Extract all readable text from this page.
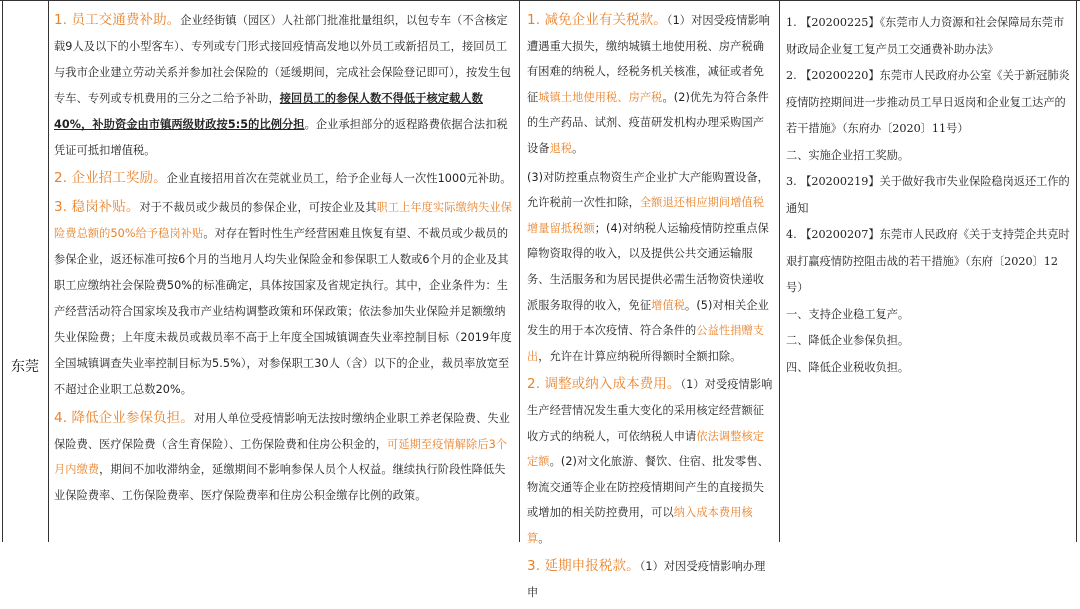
东莞

1. 员工交通费补助。企业经街镇（园区）人社部门批准批量组织，以包专车（不含核定载9人及以下的小型客车）、专列或专门形式接回疫情高发地以外员工或新招员工，接回员工与我市企业建立劳动关系并参加社会保险的（延缓期间，完成社会保险登记即可），按发生包专车、专列或专机费用的三分之二给予补助，接回员工的参保人数不得低于核定载人数40%，补助资金由市镇两级财政按5:5的比例分担。企业承担部分的返程路费依据合法扣税凭证可抵扣增值税。

2. 企业招工奖励。企业直接招用首次在莞就业员工，给予企业每人一次性1000元补助。

3. 稳岗补贴。对于不裁员或少裁员的参保企业，可按企业及其职工上年度实际缴纳失业保险费总额的50%给予稳岗补贴。对存在暂时性生产经营困难且恢复有望、不裁员或少裁员的参保企业，返还标准可按6个月的当地月人均失业保险金和参保职工人数或6个月的企业及其职工应缴纳社会保险费50%的标准确定，具体按国家及省规定执行。其中，企业条件为：生产经营活动符合国家埃及我市产业结构调整政策和环保政策；依法参加失业保险并足额缴纳失业保险费；上年度未裁员或裁员率不高于上年度全国城镇调查失业率控制目标（2019年度全国城镇调查失业率控制目标为5.5%），对参保职工30人（含）以下的企业，裁员率放宽至不超过企业职工总数20%。

4. 降低企业参保负担。对用人单位受疫情影响无法按时缴纳企业职工养老保险费、失业保险费、医疗保险费（含生育保险）、工伤保险费和住房公积金的，可延期至疫情解除后3个月内缴费，期间不加收滞纳金，延缴期间不影响参保人员个人权益。继续执行阶段性降低失业保险费率、工伤保险费率、医疗保险费率和住房公积金缴存比例的政策。

1. 减免企业有关税款。（1）对因受疫情影响遭遇重大损失，缴纳城镇土地使用税、房产税确有困难的纳税人，经税务机关核准，减征或者免征城镇土地使用税、房产税。(2)优先为符合条件的生产药品、试剂、疫苗研发机构办理采购国产设备退税。

(3)对防控重点物资生产企业扩大产能购置设备，允许税前一次性扣除，全额退还相应期间增值税增量留抵税额；(4)对纳税人运输疫情防控重点保障物资取得的收入，以及提供公共交通运输服务、生活服务和为居民提供必需生活物资快递收派服务取得的收入，免征增值税。(5)对相关企业发生的用于本次疫情、符合条件的公益性捐赠支出，允许在计算应纳税所得额时全额扣除。

2. 调整或纳入成本费用。（1）对受疫情影响生产经营情况发生重大变化的采用核定经营额征收方式的纳税人，可依纳税人申请依法调整核定定额。(2)对文化旅游、餐饮、住宿、批发零售、物流交通等企业在防控疫情期间产生的直接损失或增加的相关防控费用，可以纳入成本费用核算。

3. 延期申报税款。（1）对因受疫情影响办理申

1. 【20200225】《东莞市人力资源和社会保障局东莞市财政局企业复工复产员工交通费补助办法》

2. 【20200220】东莞市人民政府办公室《关于新冠肺炎疫情防控期间进一步推动员工早日返岗和企业复工达产的若干措施》（东府办〔2020〕11号）

二、实施企业招工奖励。

3. 【20200219】关于做好我市失业保险稳岗返还工作的通知

4. 【20200207】东莞市人民政府《关于支持莞企共克时艰打赢疫情防控阻击战的若干措施》（东府〔2020〕12号）

一、支持企业稳工复产。

二、降低企业参保负担。

四、降低企业税收负担。
